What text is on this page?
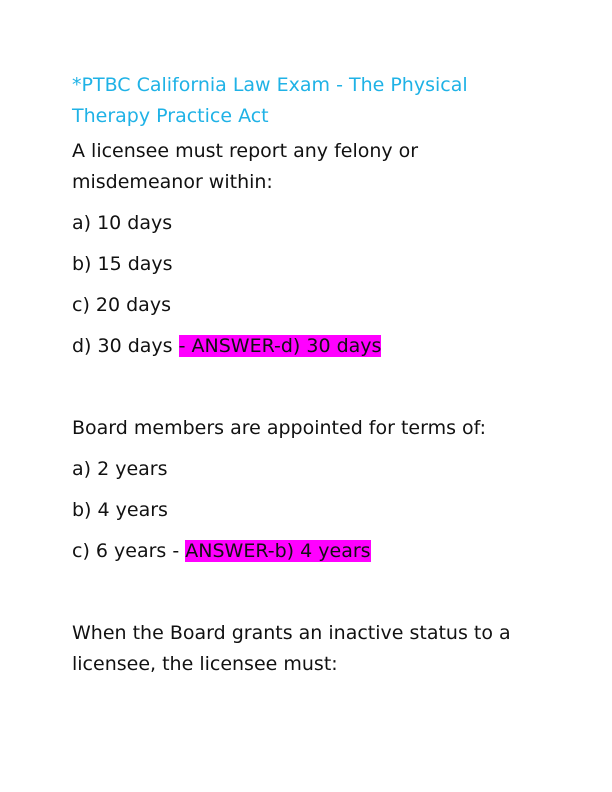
*PTBC California Law Exam - The Physical Therapy Practice Act
A licensee must report any felony or misdemeanor within:
a) 10 days
b) 15 days
c) 20 days
d) 30 days - ANSWER-d) 30 days
Board members are appointed for terms of:
a) 2 years
b) 4 years
c) 6 years - ANSWER-b) 4 years
When the Board grants an inactive status to a licensee, the licensee must:
